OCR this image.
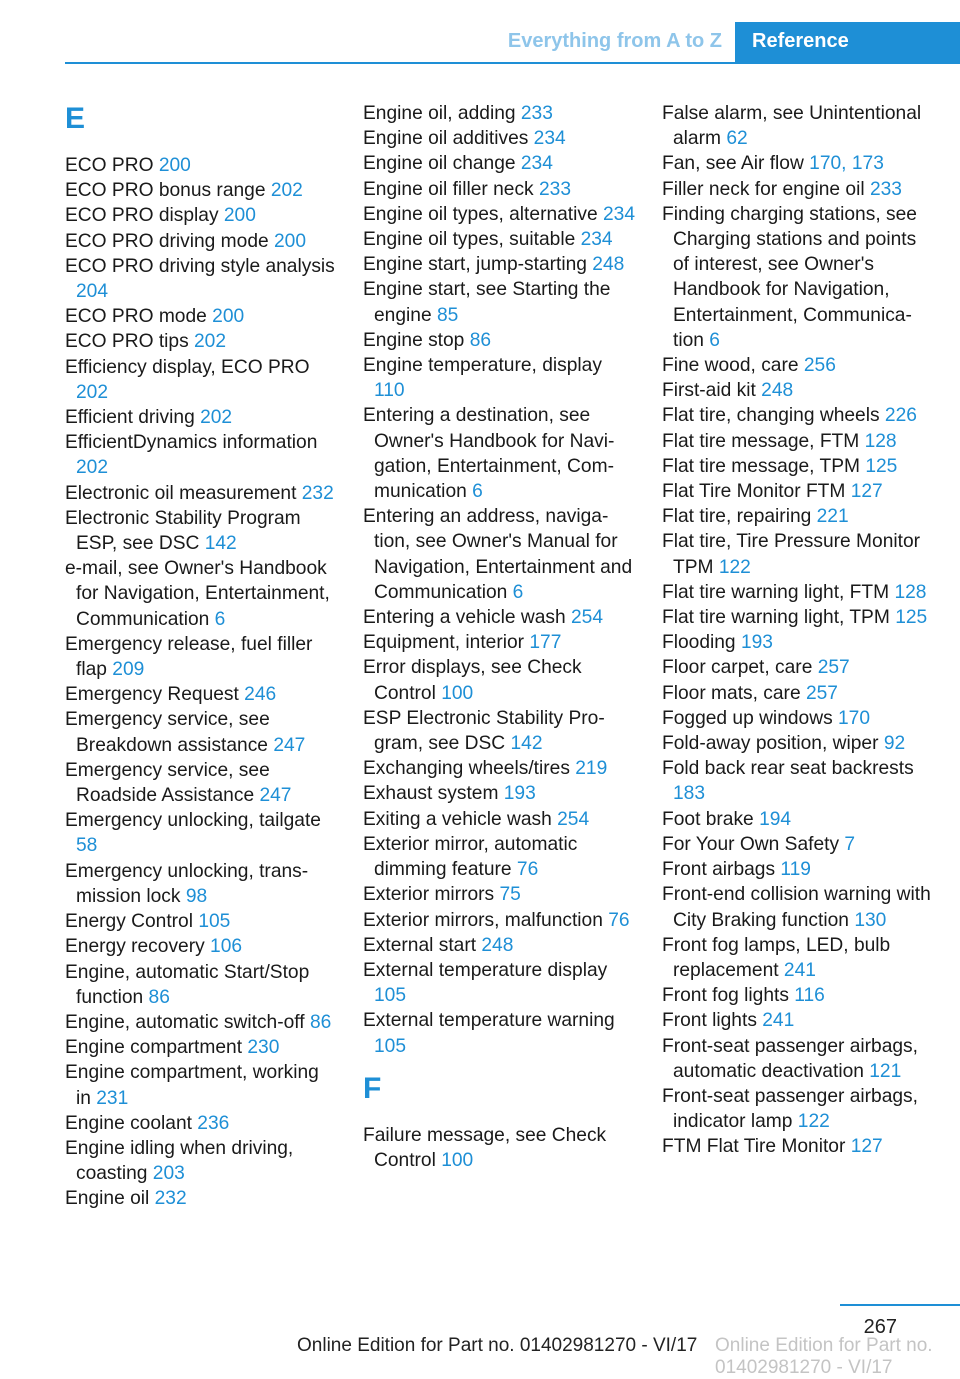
Everything from A to Z Reference
E
ECO PRO 200
ECO PRO bonus range 202
ECO PRO display 200
ECO PRO driving mode 200
ECO PRO driving style analysis 204
ECO PRO mode 200
ECO PRO tips 202
Efficiency display, ECO PRO 202
Efficient driving 202
EfficientDynamics information 202
Electronic oil measurement 232
Electronic Stability Program ESP, see DSC 142
e-mail, see Owner's Handbook for Navigation, Entertainment, Communication 6
Emergency release, fuel filler flap 209
Emergency Request 246
Emergency service, see Breakdown assistance 247
Emergency service, see Roadside Assistance 247
Emergency unlocking, tailgate 58
Emergency unlocking, transmission lock 98
Energy Control 105
Energy recovery 106
Engine, automatic Start/Stop function 86
Engine, automatic switch-off 86
Engine compartment 230
Engine compartment, working in 231
Engine coolant 236
Engine idling when driving, coasting 203
Engine oil 232
Engine oil, adding 233
Engine oil additives 234
Engine oil change 234
Engine oil filler neck 233
Engine oil types, alternative 234
Engine oil types, suitable 234
Engine start, jump-starting 248
Engine start, see Starting the engine 85
Engine stop 86
Engine temperature, display 110
Entering a destination, see Owner's Handbook for Navigation, Entertainment, Communication 6
Entering an address, navigation, see Owner's Manual for Navigation, Entertainment and Communication 6
Entering a vehicle wash 254
Equipment, interior 177
Error displays, see Check Control 100
ESP Electronic Stability Program, see DSC 142
Exchanging wheels/tires 219
Exhaust system 193
Exiting a vehicle wash 254
Exterior mirror, automatic dimming feature 76
Exterior mirrors 75
Exterior mirrors, malfunction 76
External start 248
External temperature display 105
External temperature warning 105
F
Failure message, see Check Control 100
False alarm, see Unintentional alarm 62
Fan, see Air flow 170, 173
Filler neck for engine oil 233
Finding charging stations, see Charging stations and points of interest, see Owner's Handbook for Navigation, Entertainment, Communication 6
Fine wood, care 256
First-aid kit 248
Flat tire, changing wheels 226
Flat tire message, FTM 128
Flat tire message, TPM 125
Flat Tire Monitor FTM 127
Flat tire, repairing 221
Flat tire, Tire Pressure Monitor TPM 122
Flat tire warning light, FTM 128
Flat tire warning light, TPM 125
Flooding 193
Floor carpet, care 257
Floor mats, care 257
Fogged up windows 170
Fold-away position, wiper 92
Fold back rear seat backrests 183
Foot brake 194
For Your Own Safety 7
Front airbags 119
Front-end collision warning with City Braking function 130
Front fog lamps, LED, bulb replacement 241
Front fog lights 116
Front lights 241
Front-seat passenger airbags, automatic deactivation 121
Front-seat passenger airbags, indicator lamp 122
FTM Flat Tire Monitor 127
267
Online Edition for Part no. 01402981270 - VI/17
Online Edition for Part no. 01402981270 - VI/17
